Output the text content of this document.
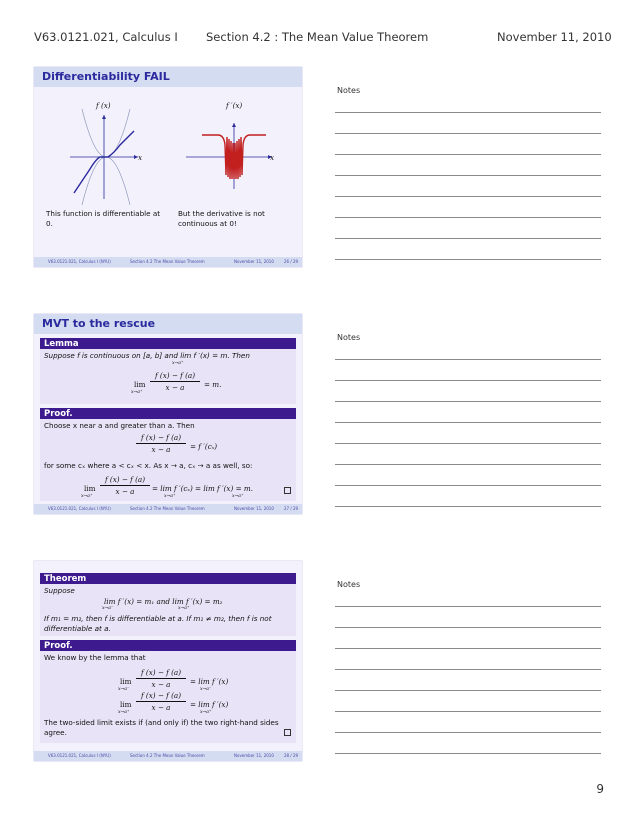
V63.0121.021, Calculus I Section 4.2 : The Mean Value Theorem	November 11, 2010
Differentiability FAIL
f (x)
x
f ′(x)
x
This function is differentiable at 0.
But the derivative is not continuous at 0!
V63.0121.021, Calculus I (NYU)	Section 4.2 The Mean Value Theorem	November 11, 2010	26 / 29
MVT to the rescue
Lemma
Suppose f is continuous on [a, b] and lim f ′(x) = m. Then
x→a⁺
lim
x→a⁺
f (x) − f (a)
x − a	= m.
Proof.
Choose x near a and greater than a. Then
f (x) − f (a)
x − a	= f ′(cₓ)
for some cₓ where a < cₓ < x. As x → a, cₓ → a as well, so:
lim
x→a⁺
f (x) − f (a)
x − a	= lim f ′(cₓ) = lim f ′(x) = m.
x→a⁺	x→a⁺
V63.0121.021, Calculus I (NYU)	Section 4.2 The Mean Value Theorem	November 11, 2010	27 / 29
Theorem
Suppose
lim f ′(x) = m₁ and lim f ′(x) = m₂
x→a⁻	x→a⁺
If m₁ = m₂, then f is differentiable at a. If m₁ ≠ m₂, then f is not
differentiable at a.
Proof.
We know by the lemma that
lim
x→a⁻
f (x) − f (a)
x − a	= lim f ′(x)
x→a⁻
lim
x→a⁺
f (x) − f (a)
x − a	= lim f ′(x)
x→a⁺
The two-sided limit exists if (and only if) the two right-hand sides
agree.
V63.0121.021, Calculus I (NYU)	Section 4.2 The Mean Value Theorem	November 11, 2010	28 / 29
Notes
Notes
Notes
9
